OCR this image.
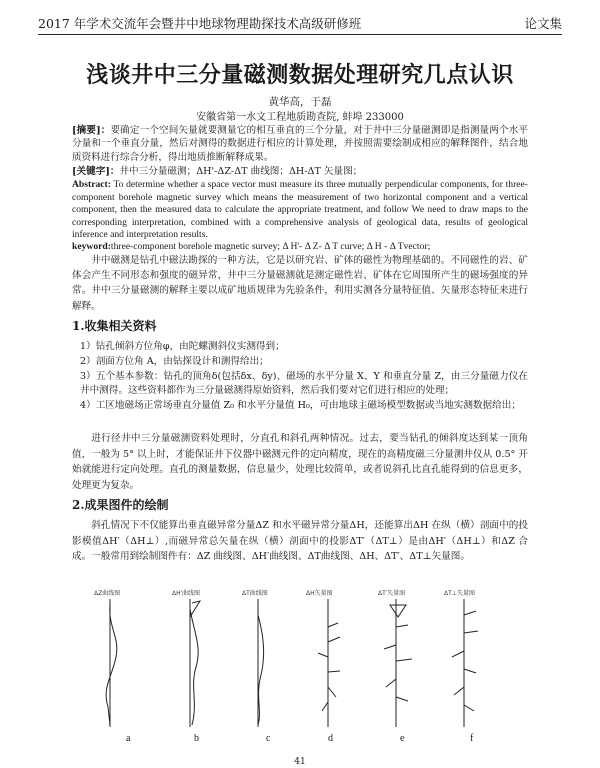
2017 年学术交流年会暨井中地球物理勘探技术高级研修班	论文集
浅谈井中三分量磁测数据处理研究几点认识
黄华高，于磊
安徽省第一水文工程地质勘查院, 蚌埠 233000
[摘要]：要确定一个空间矢量就要测量它的相互垂直的三个分量，对于井中三分量磁测即是指测量两个水平分量和一个垂直分量，然后对测得的数据进行相应的计算处理，并按照需要绘制成相应的解释图件，结合地质资料进行综合分析，得出地质推断解释成果。
[关键字]：井中三分量磁测；ΔH'-ΔZ-ΔT 曲线图；ΔH-ΔT 矢量图；
Abstract: To determine whether a space vector must measure its three mutually perpendicular components, for three-component borehole magnetic survey which means the measurement of two horizontal component and a vertical component, then the measured data to calculate the appropriate treatment, and follow We need to draw maps to the corresponding interpretation, combined with a comprehensive analysis of geological data, results of geological inference and interpretation results.
keyword:three-component borehole magnetic survey; Δ H'- Δ Z- Δ T curve; Δ H - Δ Tvector;
井中磁测是钻孔中磁法勘探的一种方法，它是以研究岩、矿体的磁性为物理基础的。不同磁性的岩、矿体会产生不同形态和强度的磁异常，井中三分量磁测就是测定磁性岩、矿体在它周围所产生的磁场强度的异常。井中三分量磁测的解释主要以成矿地质规律为先验条件，利用实测各分量特征值、矢量形态特征来进行解释。
1.收集相关资料
1）钻孔倾斜方位角φ，由陀螺测斜仪实测得到；
2）剖面方位角 A，由钻探设计和测得给出；
3）五个基本参数：钻孔的顶角δ(包括δx、δy)、磁场的水平分量 X、Y 和垂直分量 Z，由三分量磁力仪在井中测得。这些资料都作为三分量磁测得原始资料，然后我们要对它们进行相应的处理；
4）工区地磁场正常场垂直分量值 Z₀ 和水平分量值 H₀，可由地球主磁场模型数据或当地实测数据给出；
进行径井中三分量磁测资料处理时，分直孔和斜孔两种情况。过去，要当钻孔的倾斜度达到某一顶角值，一般为 5° 以上时，才能保证井下仪器中磁测元件的定向精度，现在的高精度磁三分量测井仪从 0.5° 开始就能进行定向处理。直孔的测量数据，信息量少，处理比较简单，或者说斜孔比直孔能得到的信息更多，处理更为复杂。
2.成果图件的绘制
斜孔情况下不仅能算出垂直磁异常分量ΔZ 和水平磁异常分量ΔH，还能算出ΔH 在纵（横）剖面中的投影模值ΔH′（ΔH⊥）,而磁异常总矢量在纵（横）剖面中的投影ΔT′（ΔT⊥）是由ΔH′（ΔH⊥）和ΔZ 合成。一般常用到绘制图件有：ΔZ 曲线图、ΔH′曲线图、ΔT曲线图、ΔH、ΔT′、ΔT⊥矢量图。
ΔZ曲线图	ΔH′曲线图	ΔT曲线图	ΔH矢量图	ΔT′矢量图	ΔT⊥矢量图
a	b	c	d	e	f
41
